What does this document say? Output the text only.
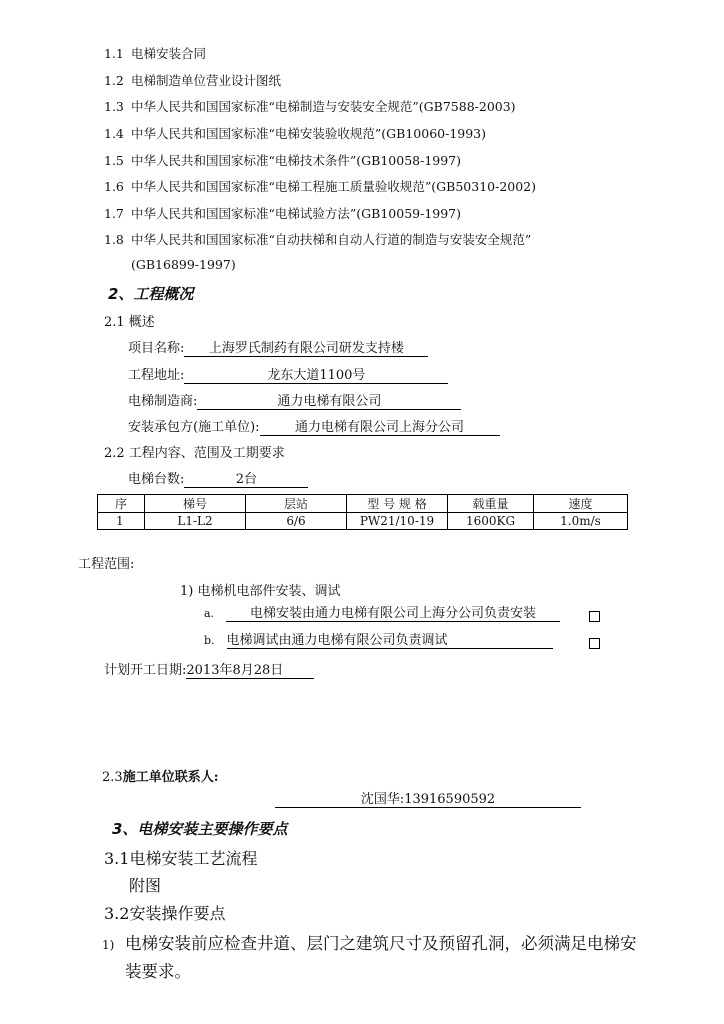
1.1 电梯安装合同
1.2 电梯制造单位营业设计图纸
1.3 中华人民共和国国家标准“电梯制造与安装安全规范”(GB7588-2003)
1.4 中华人民共和国国家标准“电梯安装验收规范”(GB10060-1993)
1.5 中华人民共和国国家标准“电梯技术条件”(GB10058-1997)
1.6 中华人民共和国国家标准“电梯工程施工质量验收规范”(GB50310-2002)
1.7 中华人民共和国国家标准“电梯试验方法”(GB10059-1997)
1.8 中华人民共和国国家标准“自动扶梯和自动人行道的制造与安装安全规范”
(GB16899-1997)
2、工程概况
2.1 概述
项目名称: 上海罗氏制药有限公司研发支持楼
工程地址:	龙东大道1100号
电梯制造商:	通力电梯有限公司
安装承包方(施工单位):	通力电梯有限公司上海分公司
2.2 工程内容、范围及工期要求
电梯台数:	2台
序	梯号	层站	型 号 规 格	载重量	速度
1	L1-L2	6/6	PW21/10-19	1600KG	1.0m/s
工程范围:
1) 电梯机电部件安装、调试
a.	电梯安装由通力电梯有限公司上海分公司负责安装
b. 电梯调试由通力电梯有限公司负责调试
计划开工日期:2013年8月28日
2.3施工单位联系人:
沈国华:13916590592
3、电梯安装主要操作要点
3.1电梯安装工艺流程
附图
3.2安装操作要点
1) 电梯安装前应检查井道、层门之建筑尺寸及预留孔洞，必须满足电梯安
装要求。
